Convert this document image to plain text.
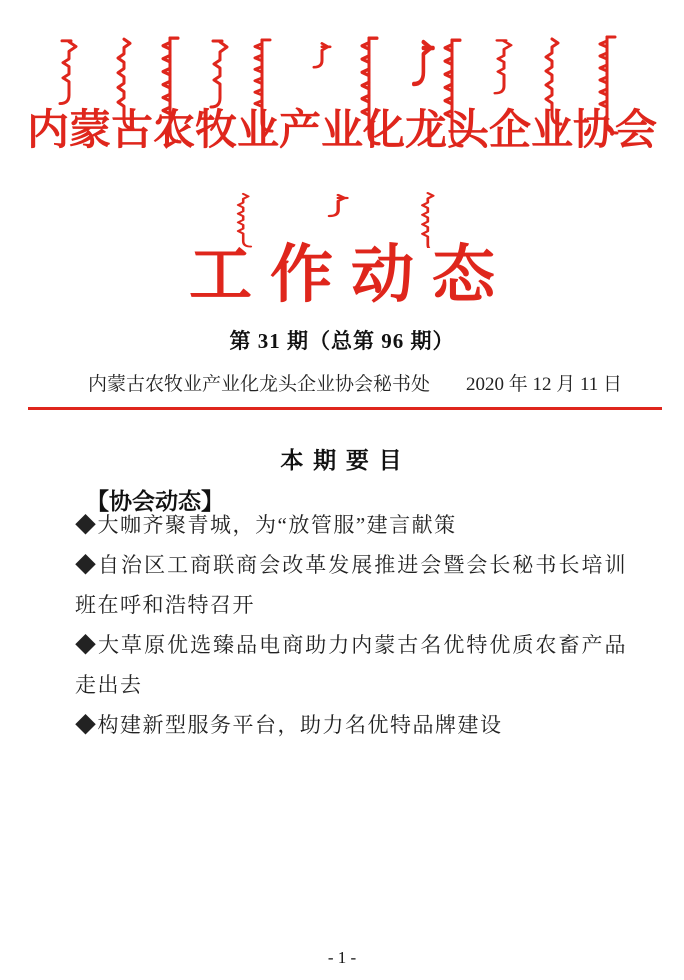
内蒙古农牧业产业化龙头企业协会
工作动态
第 31 期（总第 96 期）
内蒙古农牧业产业化龙头企业协会秘书处 2020 年 12 月 11 日
本 期 要 目
【协会动态】

◆大咖齐聚青城，为“放管服”建言献策

◆自治区工商联商会改革发展推进会暨会长秘书长培训班在呼和浩特召开

◆大草原优选臻品电商助力内蒙古名优特优质农畜产品走出去

◆构建新型服务平台，助力名优特品牌建设

- 1 -
